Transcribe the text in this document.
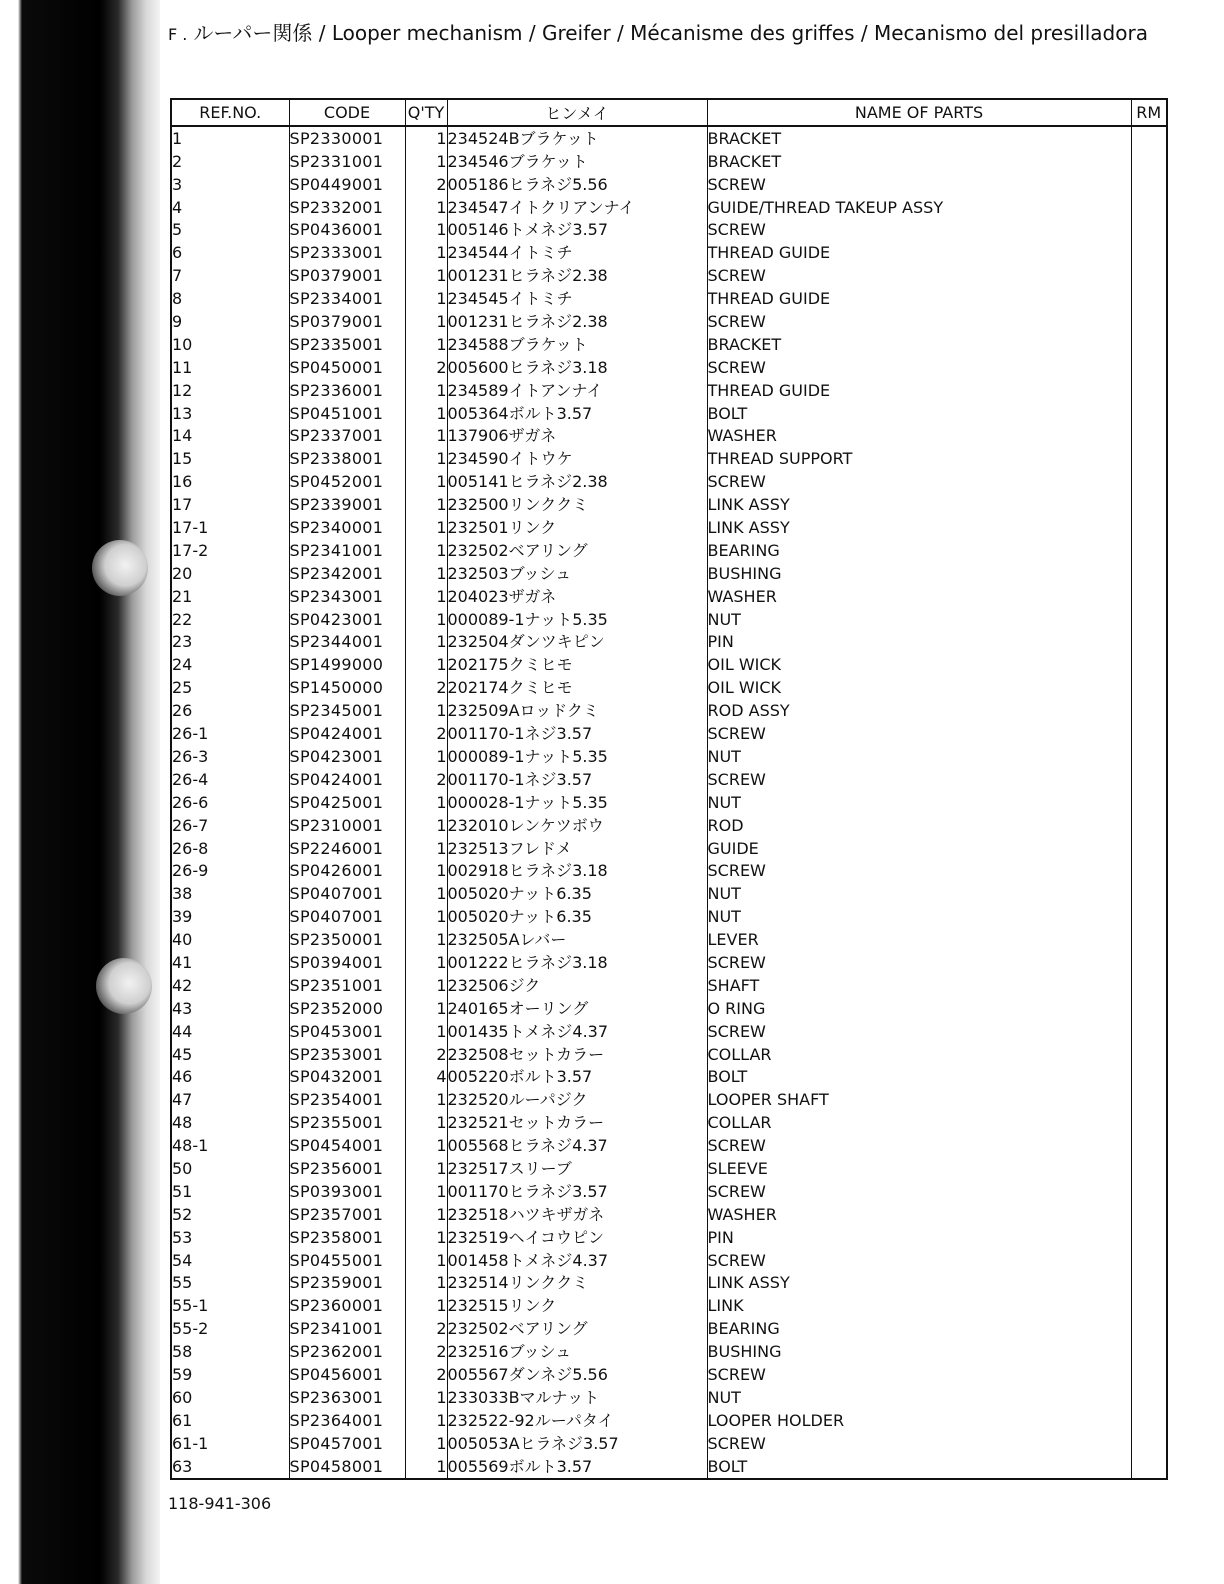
F . ルーパー関係 / Looper mechanism / Greifer / Mécanisme des griffes / Mecanismo del presilladora
REF.NO.	CODE	Q'TY	ヒンメイ	NAME OF PARTS	RM
1	SP2330001	1	234524Bブラケット	BRACKET	
2	SP2331001	1	234546ブラケット	BRACKET	
3	SP0449001	2	005186ヒラネジ5.56	SCREW	
4	SP2332001	1	234547イトクリアンナイ	GUIDE/THREAD TAKEUP ASSY	
5	SP0436001	1	005146トメネジ3.57	SCREW	
6	SP2333001	1	234544イトミチ	THREAD GUIDE	
7	SP0379001	1	001231ヒラネジ2.38	SCREW	
8	SP2334001	1	234545イトミチ	THREAD GUIDE	
9	SP0379001	1	001231ヒラネジ2.38	SCREW	
10	SP2335001	1	234588ブラケット	BRACKET	
11	SP0450001	2	005600ヒラネジ3.18	SCREW	
12	SP2336001	1	234589イトアンナイ	THREAD GUIDE	
13	SP0451001	1	005364ボルト3.57	BOLT	
14	SP2337001	1	137906ザガネ	WASHER	
15	SP2338001	1	234590イトウケ	THREAD SUPPORT	
16	SP0452001	1	005141ヒラネジ2.38	SCREW	
17	SP2339001	1	232500リンククミ	LINK ASSY	
17-1	SP2340001	1	232501リンク	LINK ASSY	
17-2	SP2341001	1	232502ベアリング	BEARING	
20	SP2342001	1	232503ブッシュ	BUSHING	
21	SP2343001	1	204023ザガネ	WASHER	
22	SP0423001	1	000089-1ナット5.35	NUT	
23	SP2344001	1	232504ダンツキピン	PIN	
24	SP1499000	1	202175クミヒモ	OIL WICK	
25	SP1450000	2	202174クミヒモ	OIL WICK	
26	SP2345001	1	232509Aロッドクミ	ROD ASSY	
26-1	SP0424001	2	001170-1ネジ3.57	SCREW	
26-3	SP0423001	1	000089-1ナット5.35	NUT	
26-4	SP0424001	2	001170-1ネジ3.57	SCREW	
26-6	SP0425001	1	000028-1ナット5.35	NUT	
26-7	SP2310001	1	232010レンケツボウ	ROD	
26-8	SP2246001	1	232513フレドメ	GUIDE	
26-9	SP0426001	1	002918ヒラネジ3.18	SCREW	
38	SP0407001	1	005020ナット6.35	NUT	
39	SP0407001	1	005020ナット6.35	NUT	
40	SP2350001	1	232505Aレバー	LEVER	
41	SP0394001	1	001222ヒラネジ3.18	SCREW	
42	SP2351001	1	232506ジク	SHAFT	
43	SP2352000	1	240165オーリング	O RING	
44	SP0453001	1	001435トメネジ4.37	SCREW	
45	SP2353001	2	232508セットカラー	COLLAR	
46	SP0432001	4	005220ボルト3.57	BOLT	
47	SP2354001	1	232520ルーパジク	LOOPER SHAFT	
48	SP2355001	1	232521セットカラー	COLLAR	
48-1	SP0454001	1	005568ヒラネジ4.37	SCREW	
50	SP2356001	1	232517スリーブ	SLEEVE	
51	SP0393001	1	001170ヒラネジ3.57	SCREW	
52	SP2357001	1	232518ハツキザガネ	WASHER	
53	SP2358001	1	232519ヘイコウピン	PIN	
54	SP0455001	1	001458トメネジ4.37	SCREW	
55	SP2359001	1	232514リンククミ	LINK ASSY	
55-1	SP2360001	1	232515リンク	LINK	
55-2	SP2341001	2	232502ベアリング	BEARING	
58	SP2362001	2	232516ブッシュ	BUSHING	
59	SP0456001	2	005567ダンネジ5.56	SCREW	
60	SP2363001	1	233033Bマルナット	NUT	
61	SP2364001	1	232522-92ルーパタイ	LOOPER HOLDER	
61-1	SP0457001	1	005053Aヒラネジ3.57	SCREW	
63	SP0458001	1	005569ボルト3.57	BOLT	
118-941-306
